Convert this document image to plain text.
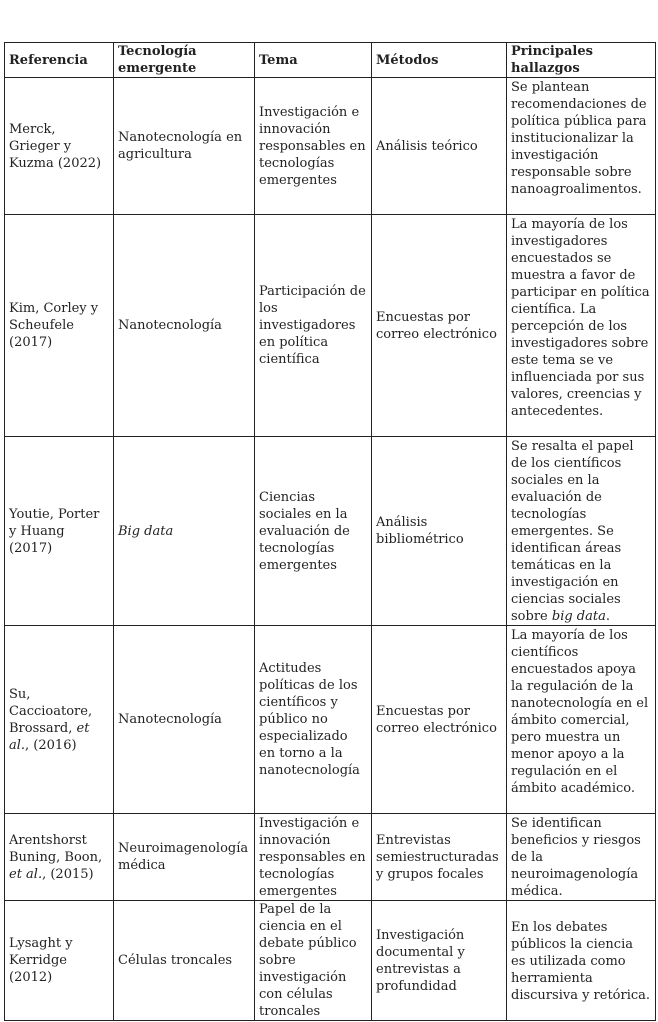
Referencia	Tecnología emergente	Tema	Métodos	Principales hallazgos
Merck, Grieger y Kuzma (2022)	Nanotecnología en agricultura	Investigación e innovación responsables en tecnologías emergentes	Análisis teórico	Se plantean recomendaciones de política pública para institucionalizar la investigación responsable sobre nanoagroalimentos.
Kim, Corley y Scheufele (2017)	Nanotecnología	Participación de los investigadores en política científica	Encuestas por correo electrónico	La mayoría de los investigadores encuestados se muestra a favor de participar en política científica. La percepción de los investigadores sobre este tema se ve influenciada por sus valores, creencias y antecedentes.
Youtie, Porter y Huang (2017)	Big data	Ciencias sociales en la evaluación de tecnologías emergentes	Análisis bibliométrico	Se resalta el papel de los científicos sociales en la evaluación de tecnologías emergentes. Se identifican áreas temáticas en la investigación en ciencias sociales sobre big data.
Su, Caccioatore, Brossard, et al., (2016)	Nanotecnología	Actitudes políticas de los científicos y público no especializado en torno a la nanotecnología	Encuestas por correo electrónico	La mayoría de los científicos encuestados apoya la regulación de la nanotecnología en el ámbito comercial, pero muestra un menor apoyo a la regulación en el ámbito académico.
Arentshorst Buning, Boon, et al., (2015)	Neuroimagenología médica	Investigación e innovación responsables en tecnologías emergentes	Entrevistas semiestructuradas y grupos focales	Se identifican beneficios y riesgos de la neuroimagenología médica.
Lysaght y Kerridge (2012)	Células troncales	Papel de la ciencia en el debate público sobre investigación con células troncales	Investigación documental y entrevistas a profundidad	En los debates públicos la ciencia es utilizada como herramienta discursiva y retórica.
